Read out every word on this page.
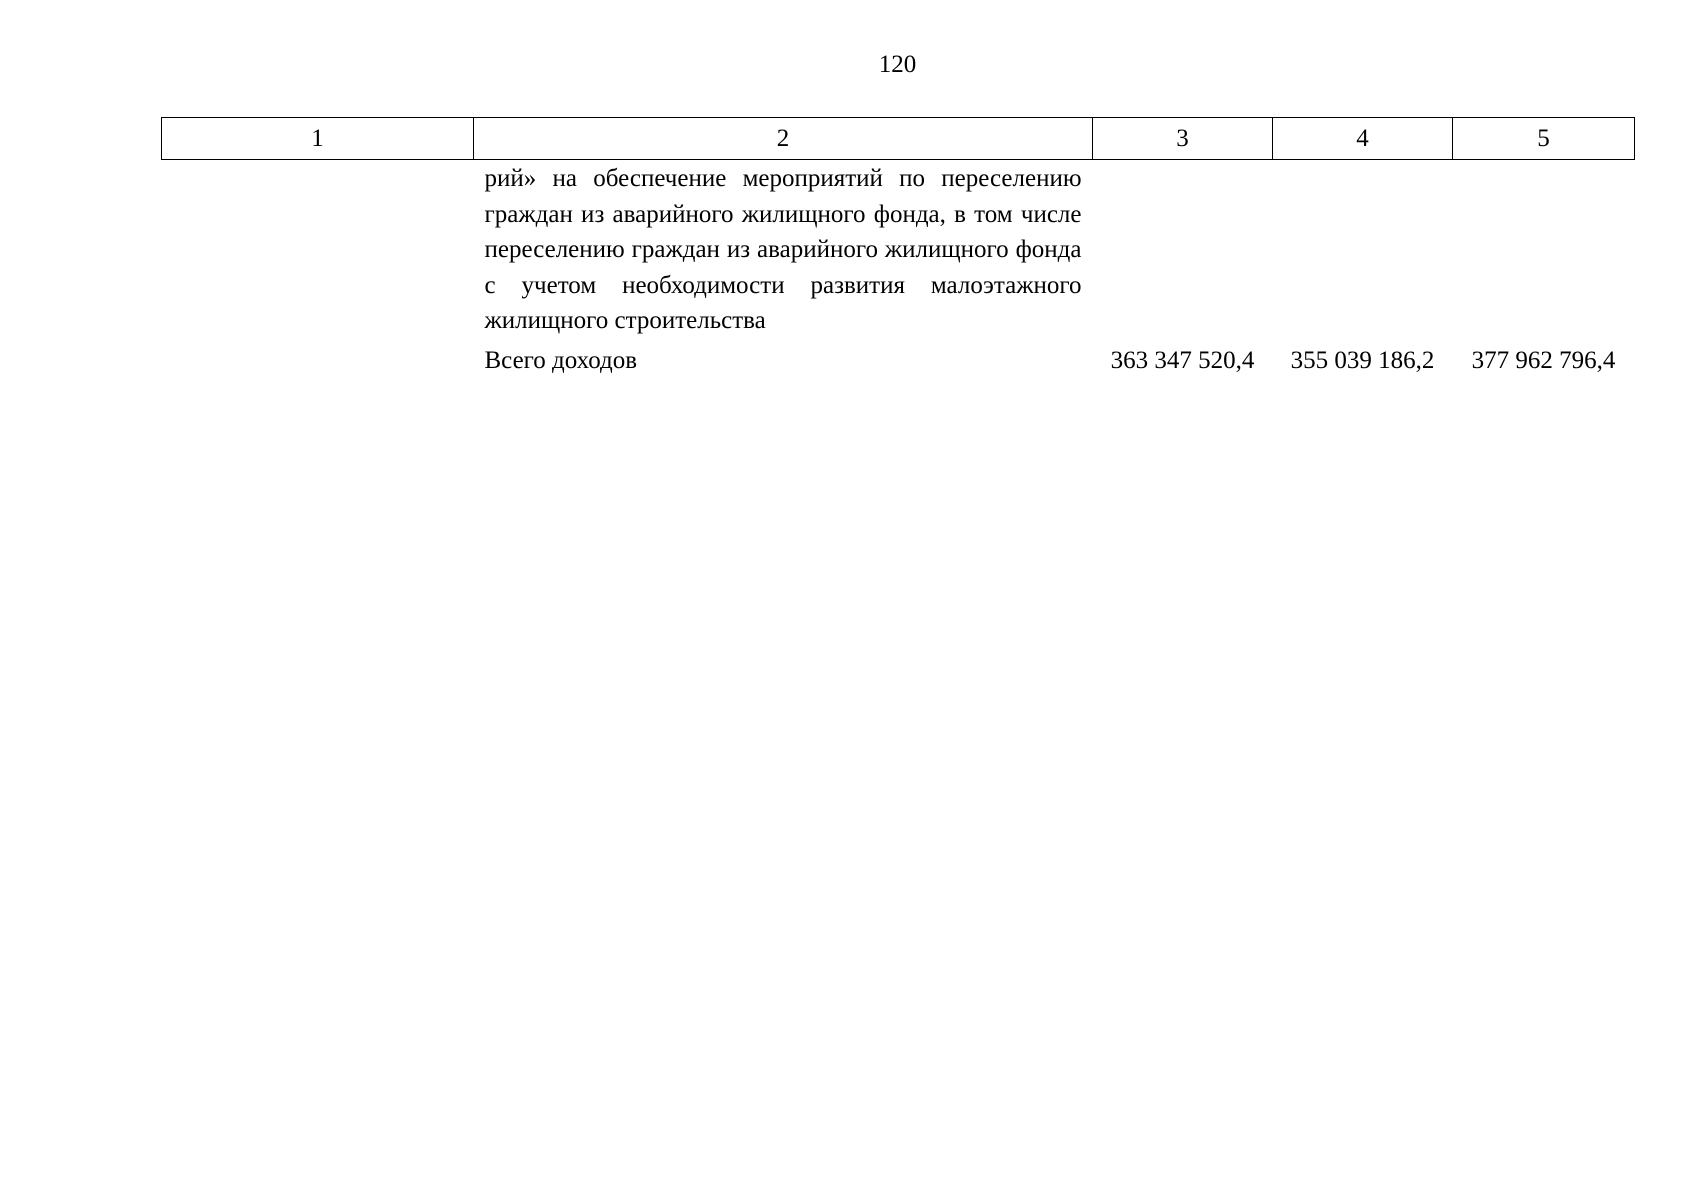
120
1	2	3	4	5
	рий» на обеспечение мероприятий по переселению граждан из аварийного жилищного фонда, в том числе переселению граждан из аварийного жилищного фонда с учетом необходимости развития малоэтажного жилищного строительства			
	Всего доходов	363 347 520,4	355 039 186,2	377 962 796,4
